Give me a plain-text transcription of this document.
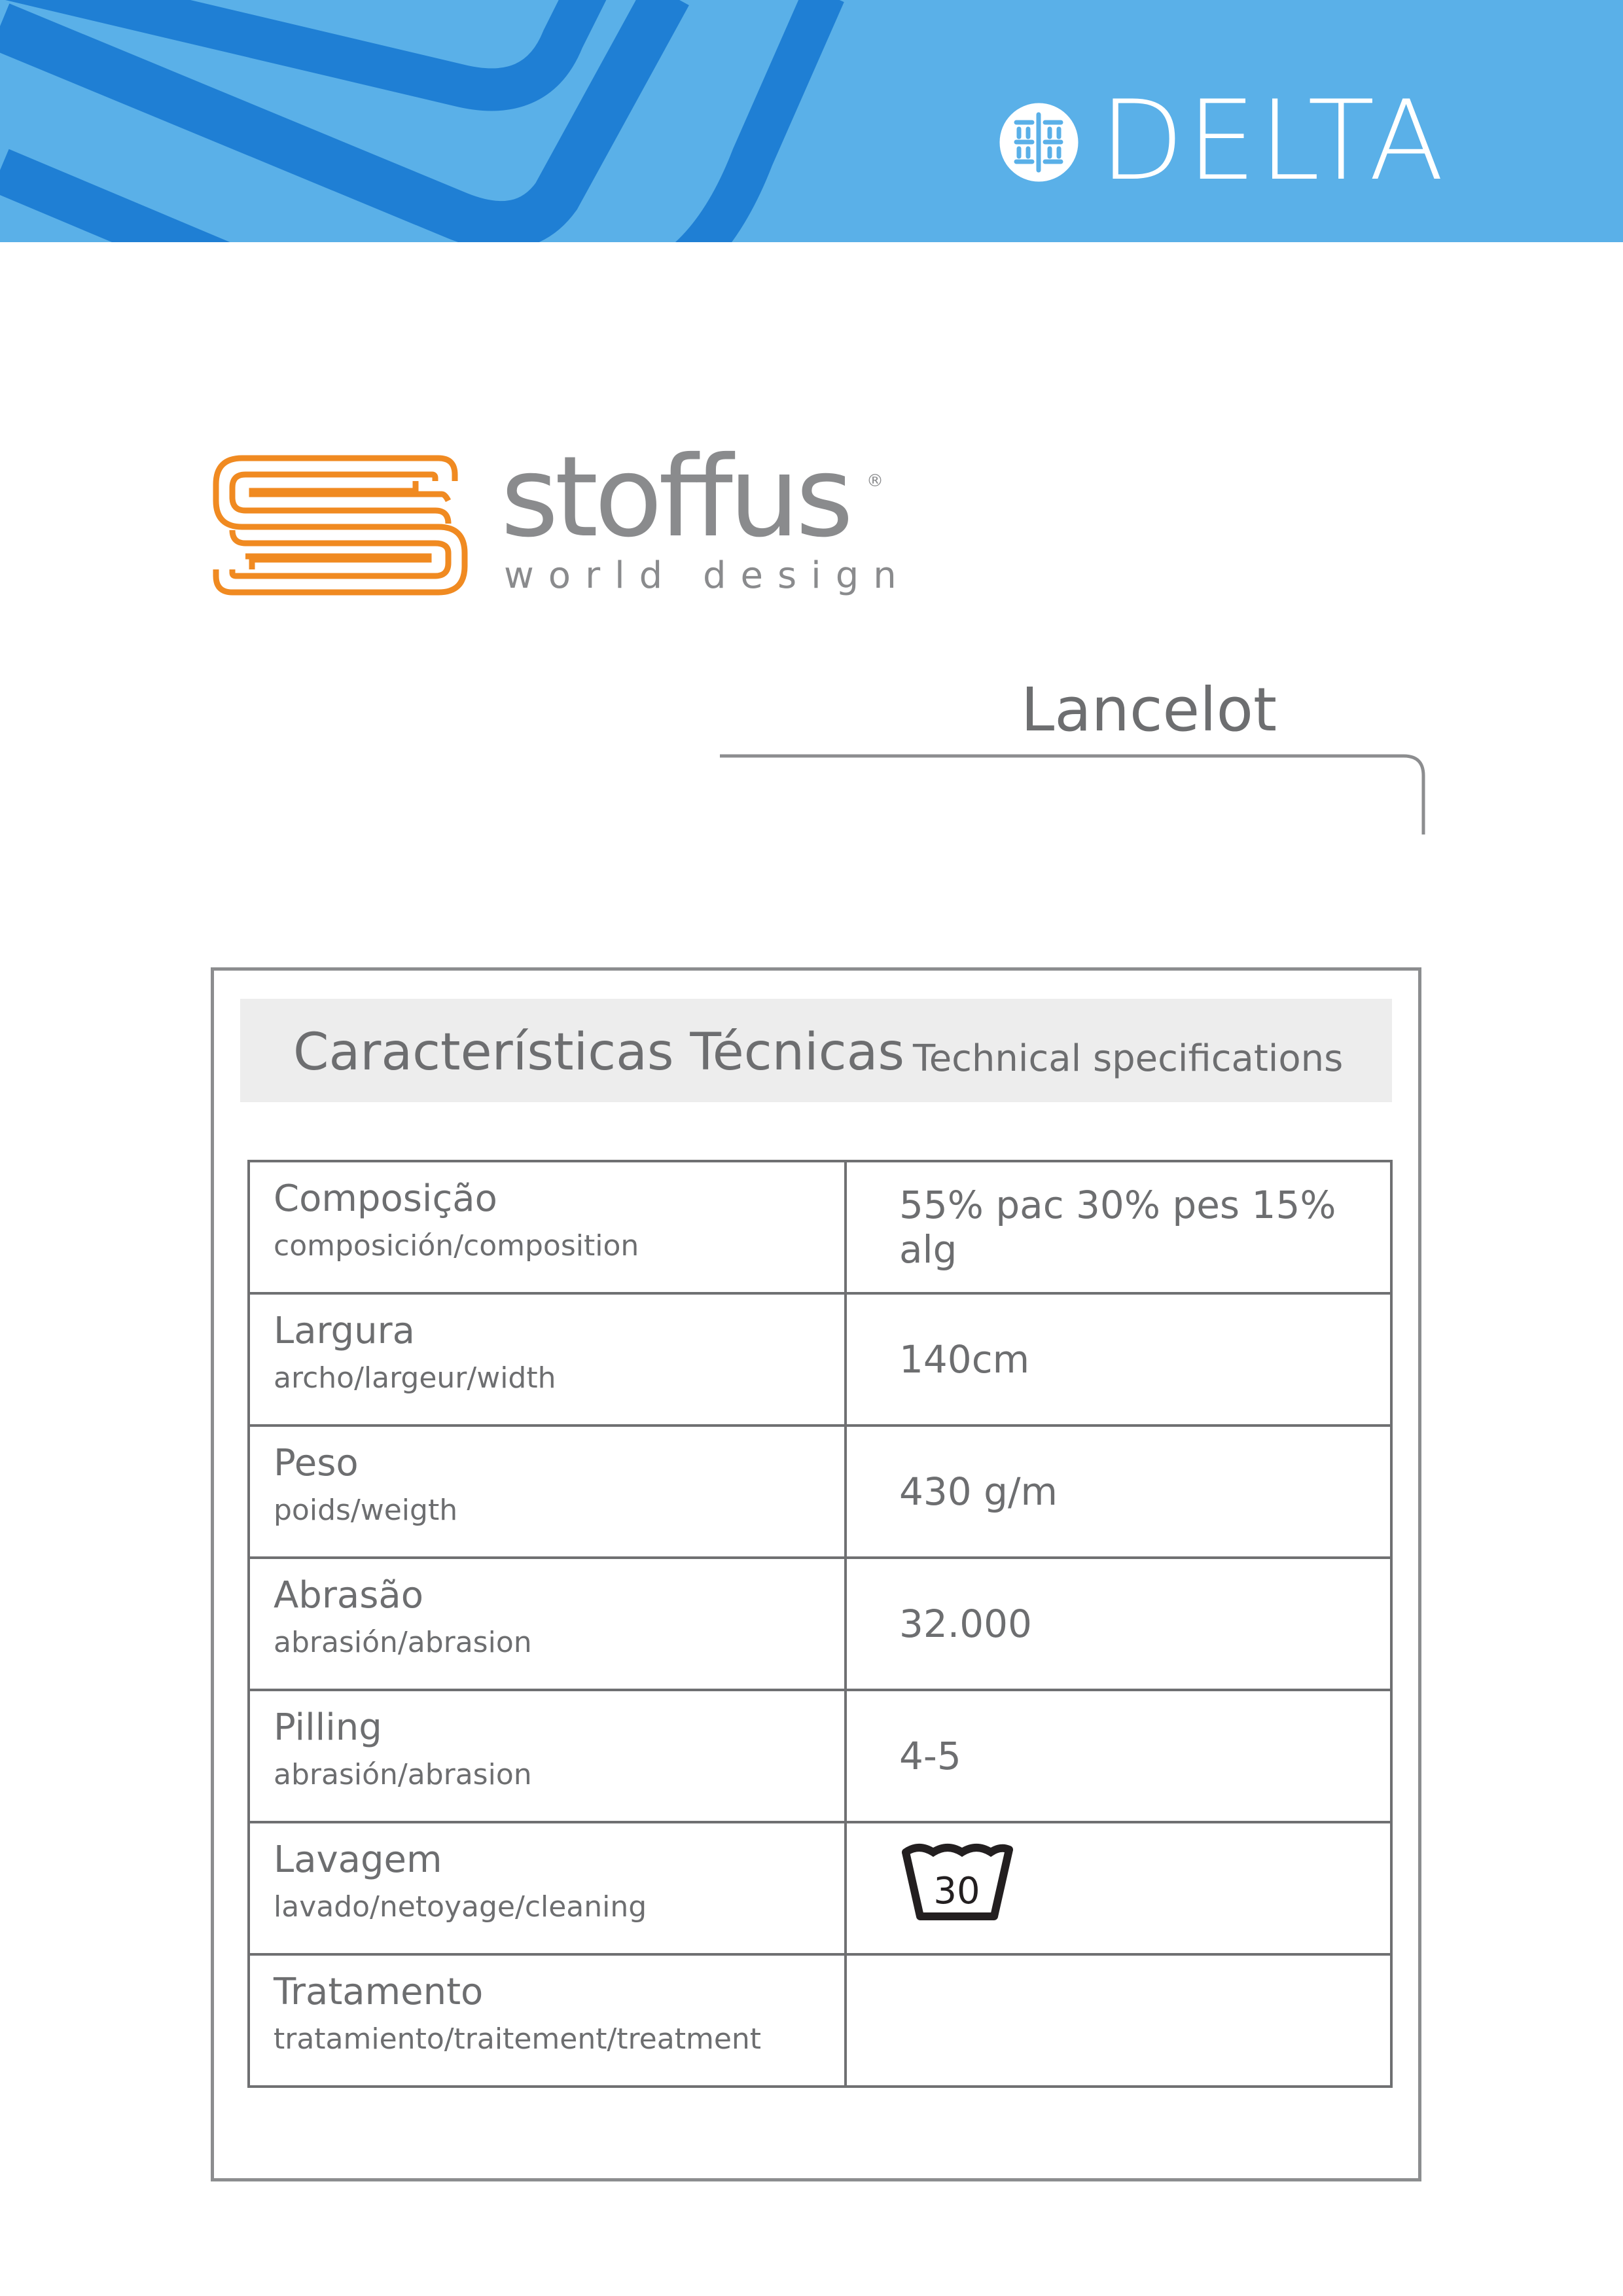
DELTA
stoffus ®
world design
Lancelot
Características Técnicas Technical specifications
Composição
composición/composition	55% pac 30% pes 15% alg

Largura
archo/largeur/width	140cm

Peso
poids/weigth	430 g/m

Abrasão
abrasión/abrasion	32.000

Pilling
abrasión/abrasion	4-5

Lavagem
lavado/netoyage/cleaning	30

Tratamento
tratamiento/traitement/treatment	
